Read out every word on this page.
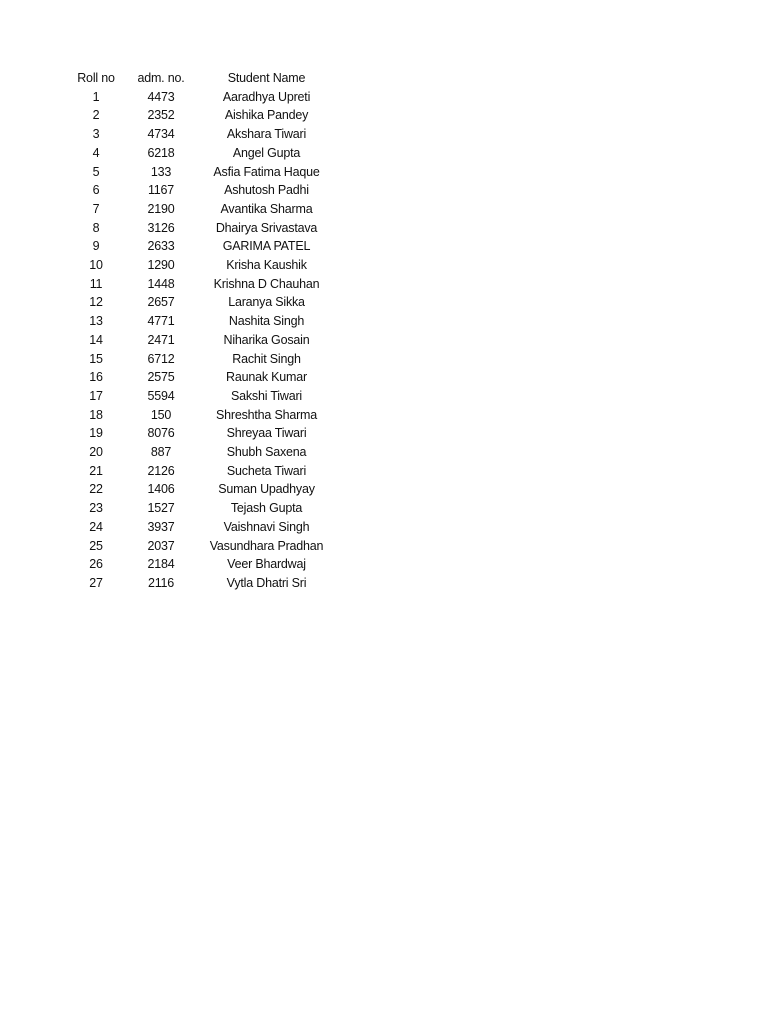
Roll no	adm. no.	Student Name
1	4473	Aaradhya Upreti
2	2352	Aishika Pandey
3	4734	Akshara Tiwari
4	6218	Angel Gupta
5	133	Asfia Fatima Haque
6	1167	Ashutosh Padhi
7	2190	Avantika Sharma
8	3126	Dhairya Srivastava
9	2633	GARIMA PATEL
10	1290	Krisha Kaushik
11	1448	Krishna D Chauhan
12	2657	Laranya Sikka
13	4771	Nashita Singh
14	2471	Niharika Gosain
15	6712	Rachit Singh
16	2575	Raunak Kumar
17	5594	Sakshi Tiwari
18	150	Shreshtha Sharma
19	8076	Shreyaa Tiwari
20	887	Shubh Saxena
21	2126	Sucheta Tiwari
22	1406	Suman Upadhyay
23	1527	Tejash Gupta
24	3937	Vaishnavi Singh
25	2037	Vasundhara Pradhan
26	2184	Veer Bhardwaj
27	2116	Vytla Dhatri Sri
